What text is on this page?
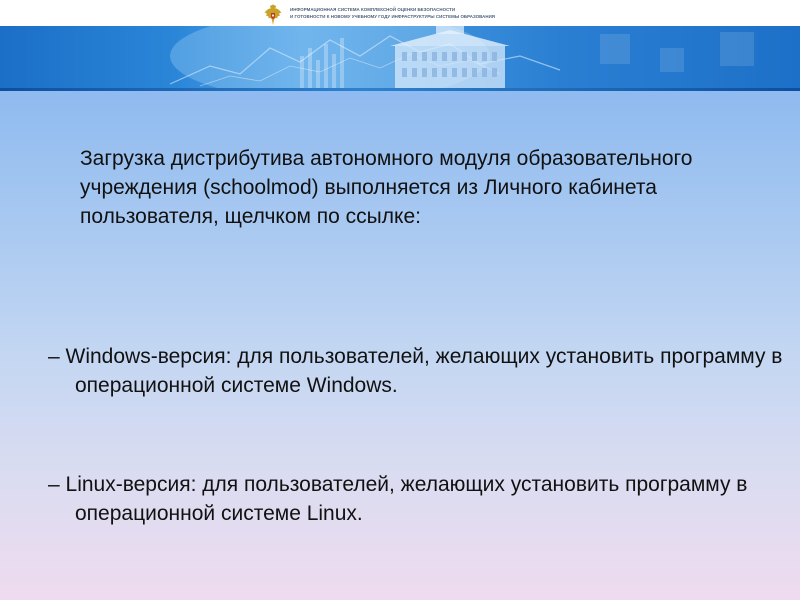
ИНФОРМАЦИОННАЯ СИСТЕМА КОМПЛЕКСНОЙ ОЦЕНКИ БЕЗОПАСНОСТИ
И ГОТОВНОСТИ К НОВОМУ УЧЕБНОМУ ГОДУ ИНФРАСТРУКТУРЫ СИСТЕМЫ ОБРАЗОВАНИЯ

Загрузка дистрибутива автономного модуля образовательного учреждения (schoolmod) выполняется из Личного кабинета пользователя, щелчком по ссылке:

– Windows-версия: для пользователей, желающих установить программу в операционной системе Windows.

– Linux-версия: для пользователей, желающих установить программу в операционной системе Linux.
